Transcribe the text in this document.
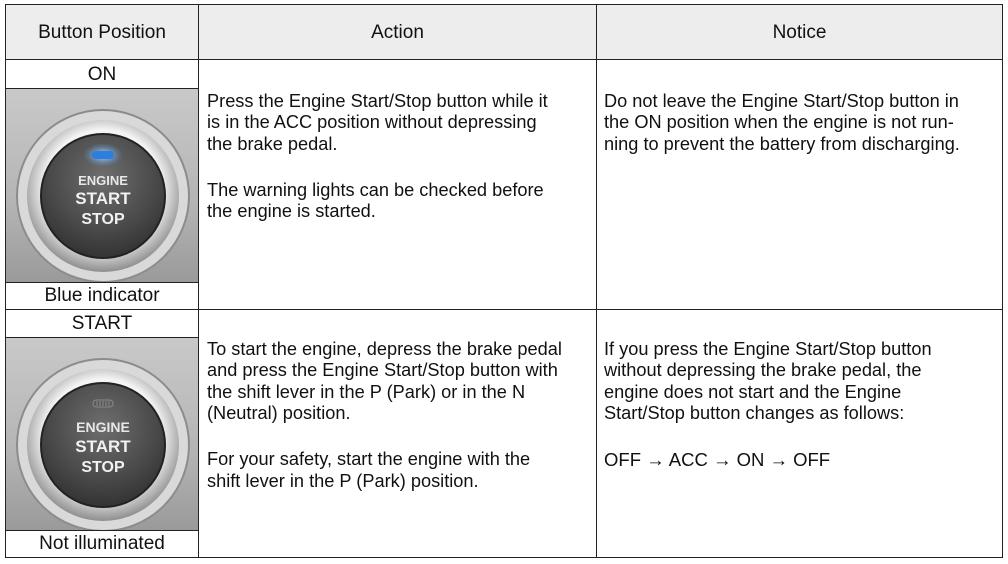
Button Position	Action	Notice
ON
ENGINE
START
STOP
Blue indicator

Press the Engine Start/Stop button while it
is in the ACC position without depressing
the brake pedal.

The warning lights can be checked before
the engine is started.

Do not leave the Engine Start/Stop button in
the ON position when the engine is not run-
ning to prevent the battery from discharging.

START
ENGINE
START
STOP
Not illuminated

To start the engine, depress the brake pedal
and press the Engine Start/Stop button with
the shift lever in the P (Park) or in the N
(Neutral) position.

For your safety, start the engine with the
shift lever in the P (Park) position.

If you press the Engine Start/Stop button
without depressing the brake pedal, the
engine does not start and the Engine
Start/Stop button changes as follows:

OFF → ACC → ON → OFF
